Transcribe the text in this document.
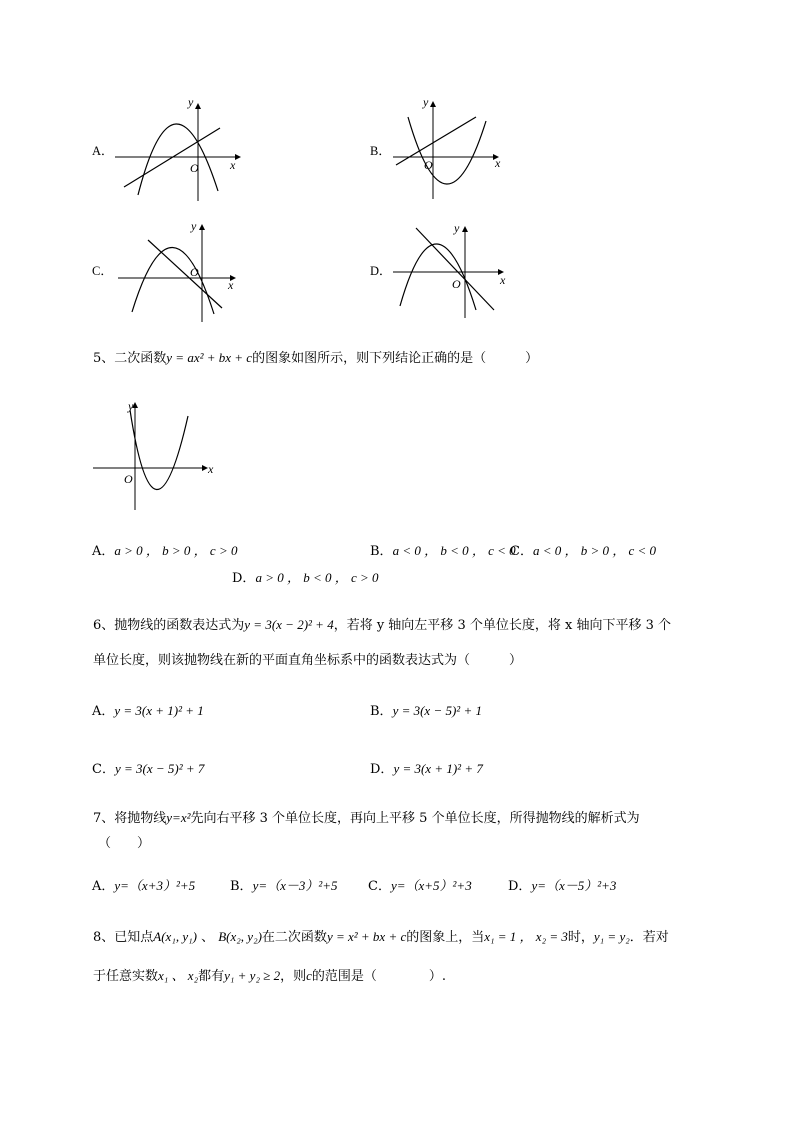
A．
x
y
O
B．
x
y
O
C．
x
y
O	D．
x
y
O
5、二次函数y = ax² + bx + c的图象如图所示，则下列结论正确的是（　　　）
x
y
O
A．a > 0 ， b > 0 ， c > 0	B．a < 0 ， b < 0 ， c < 0
C．a < 0 ， b > 0 ， c < 0
D．a > 0 ， b < 0 ， c > 0
6、抛物线的函数表达式为y = 3(x − 2)² + 4，若将 y 轴向左平移 3 个单位长度，将 x 轴向下平移 3 个
单位长度，则该抛物线在新的平面直角坐标系中的函数表达式为（　　　）
A．y = 3(x + 1)² + 1	B．y = 3(x − 5)² + 1
C．y = 3(x − 5)² + 7	D．y = 3(x + 1)² + 7
7、将抛物线y=x²先向右平移 3 个单位长度，再向上平移 5 个单位长度，所得抛物线的解析式为
（　　）
A．y=（x+3）²+5	B．y=（x－3）²+5 C．y=（x+5）²+3	D．y=（x－5）²+3
8、已知点A(x₁, y₁) 、 B(x₂, y₂)在二次函数y = x² + bx + c的图象上，当x₁ = 1 ， x₂ = 3时，y₁ = y₂．若对
于任意实数x₁ 、 x₂都有y₁ + y₂ ≥ 2，则c的范围是（　　　　）.
